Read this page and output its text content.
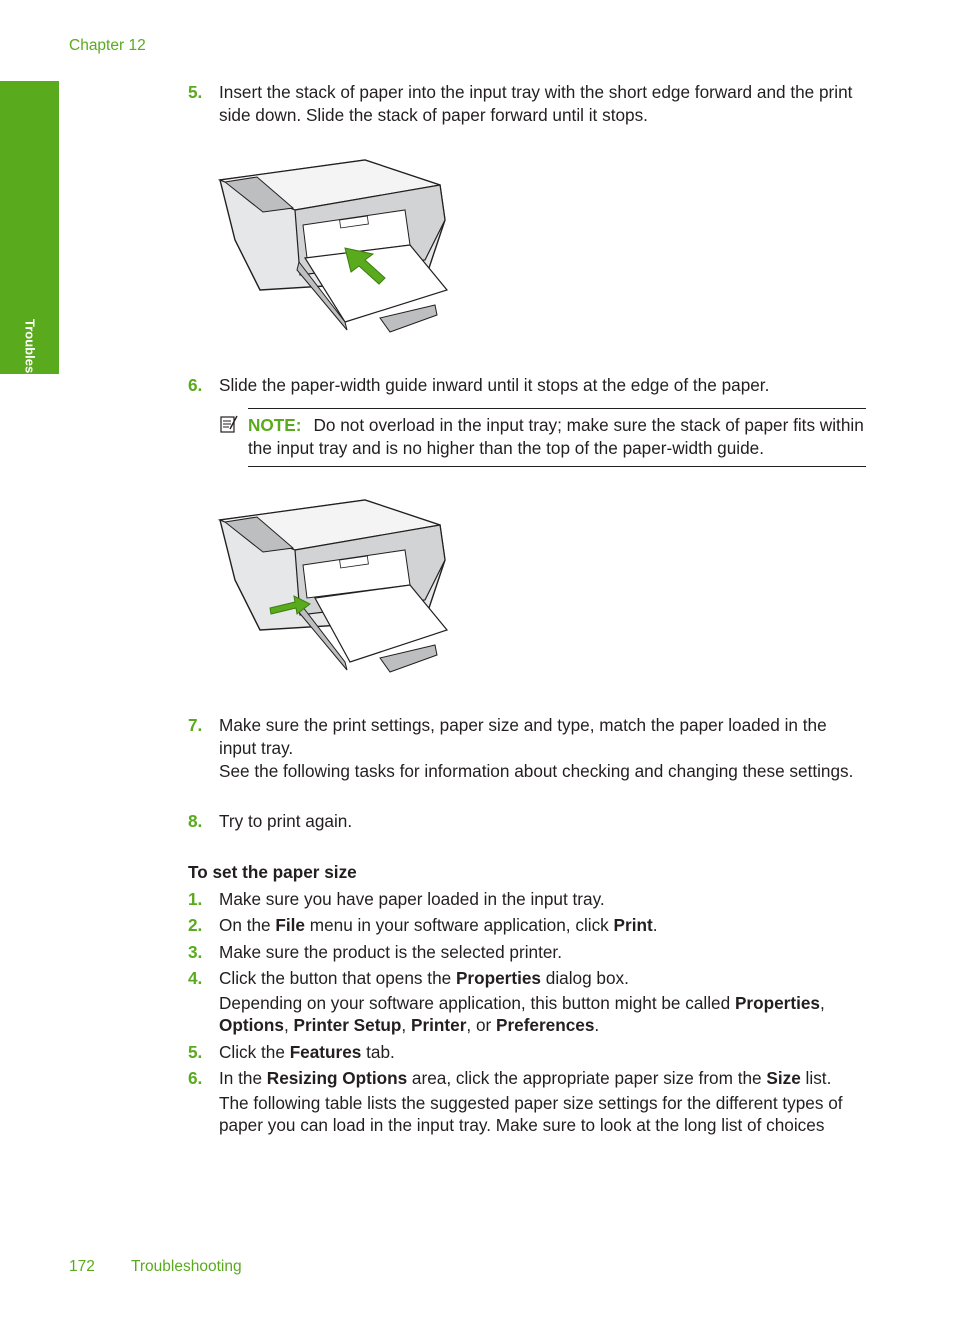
Chapter 12
Troubleshooting
5. Insert the stack of paper into the input tray with the short edge forward and the print side down. Slide the stack of paper forward until it stops.
6. Slide the paper-width guide inward until it stops at the edge of the paper.
NOTE: Do not overload in the input tray; make sure the stack of paper fits within the input tray and is no higher than the top of the paper-width guide.
7. Make sure the print settings, paper size and type, match the paper loaded in the input tray.
See the following tasks for information about checking and changing these settings.
8. Try to print again.
To set the paper size
1. Make sure you have paper loaded in the input tray.
2. On the File menu in your software application, click Print.
3. Make sure the product is the selected printer.
4. Click the button that opens the Properties dialog box.
Depending on your software application, this button might be called Properties, Options, Printer Setup, Printer, or Preferences.
5. Click the Features tab.
6. In the Resizing Options area, click the appropriate paper size from the Size list.
The following table lists the suggested paper size settings for the different types of paper you can load in the input tray. Make sure to look at the long list of choices
172 Troubleshooting
